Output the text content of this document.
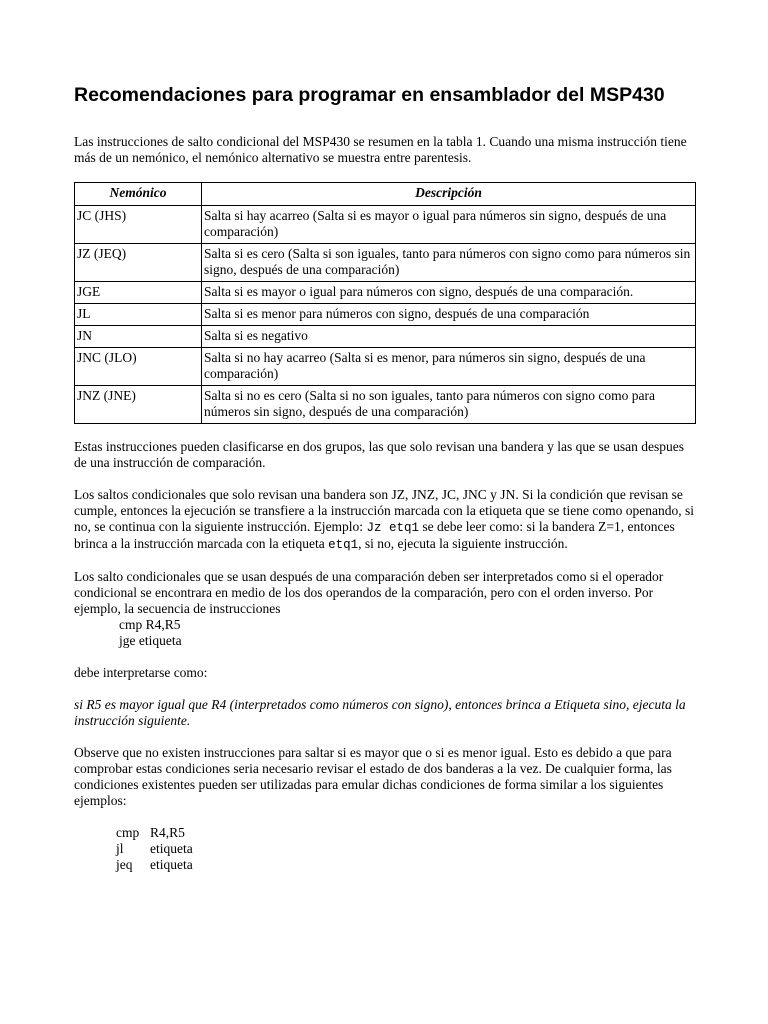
Recomendaciones para programar en ensamblador del MSP430

Las instrucciones de salto condicional del MSP430 se resumen en la tabla 1. Cuando una misma instrucción tiene más de un nemónico, el nemónico alternativo se muestra entre parentesis.

Nemónico	Descripción
JC (JHS)	Salta si hay acarreo (Salta si es mayor o igual para números sin signo, después de una comparación)
JZ (JEQ)	Salta si es cero (Salta si son iguales, tanto para números con signo como para números sin signo, después de una comparación)
JGE	Salta si es mayor o igual para números con signo, después de una comparación.
JL	Salta si es menor para números con signo, después de una comparación
JN	Salta si es negativo
JNC (JLO)	Salta si no hay acarreo (Salta si es menor, para números sin signo, después de una comparación)
JNZ (JNE)	Salta si no es cero (Salta si no son iguales, tanto para números con signo como para números sin signo, después de una comparación)

Estas instrucciones pueden clasificarse en dos grupos, las que solo revisan una bandera y las que se usan despues de una instrucción de comparación.

Los saltos condicionales que solo revisan una bandera son JZ, JNZ, JC, JNC y JN. Si la condición que revisan se cumple, entonces la ejecución se transfiere a la instrucción marcada con la etiqueta que se tiene como openando, si no, se continua con la siguiente instrucción. Ejemplo: Jz etq1 se debe leer como: si la bandera Z=1, entonces brinca a la instrucción marcada con la etiqueta etq1, si no, ejecuta la siguiente instrucción.

Los salto condicionales que se usan después de una comparación deben ser interpretados como si el operador condicional se encontrara en medio de los dos operandos de la comparación, pero con el orden inverso. Por ejemplo, la secuencia de instrucciones

cmp R4,R5
jge etiqueta

debe interpretarse como:

si R5 es mayor igual que R4 (interpretados como números con signo), entonces brinca a Etiqueta sino, ejecuta la instrucción siguiente.

Observe que no existen instrucciones para saltar si es mayor que o si es menor igual. Esto es debido a que para comprobar estas condiciones seria necesario revisar el estado de dos banderas a la vez. De cualquier forma, las condiciones existentes pueden ser utilizadas para emular dichas condiciones de forma similar a los siguientes ejemplos:

cmp R4,R5
jl etiqueta
jeq etiqueta
